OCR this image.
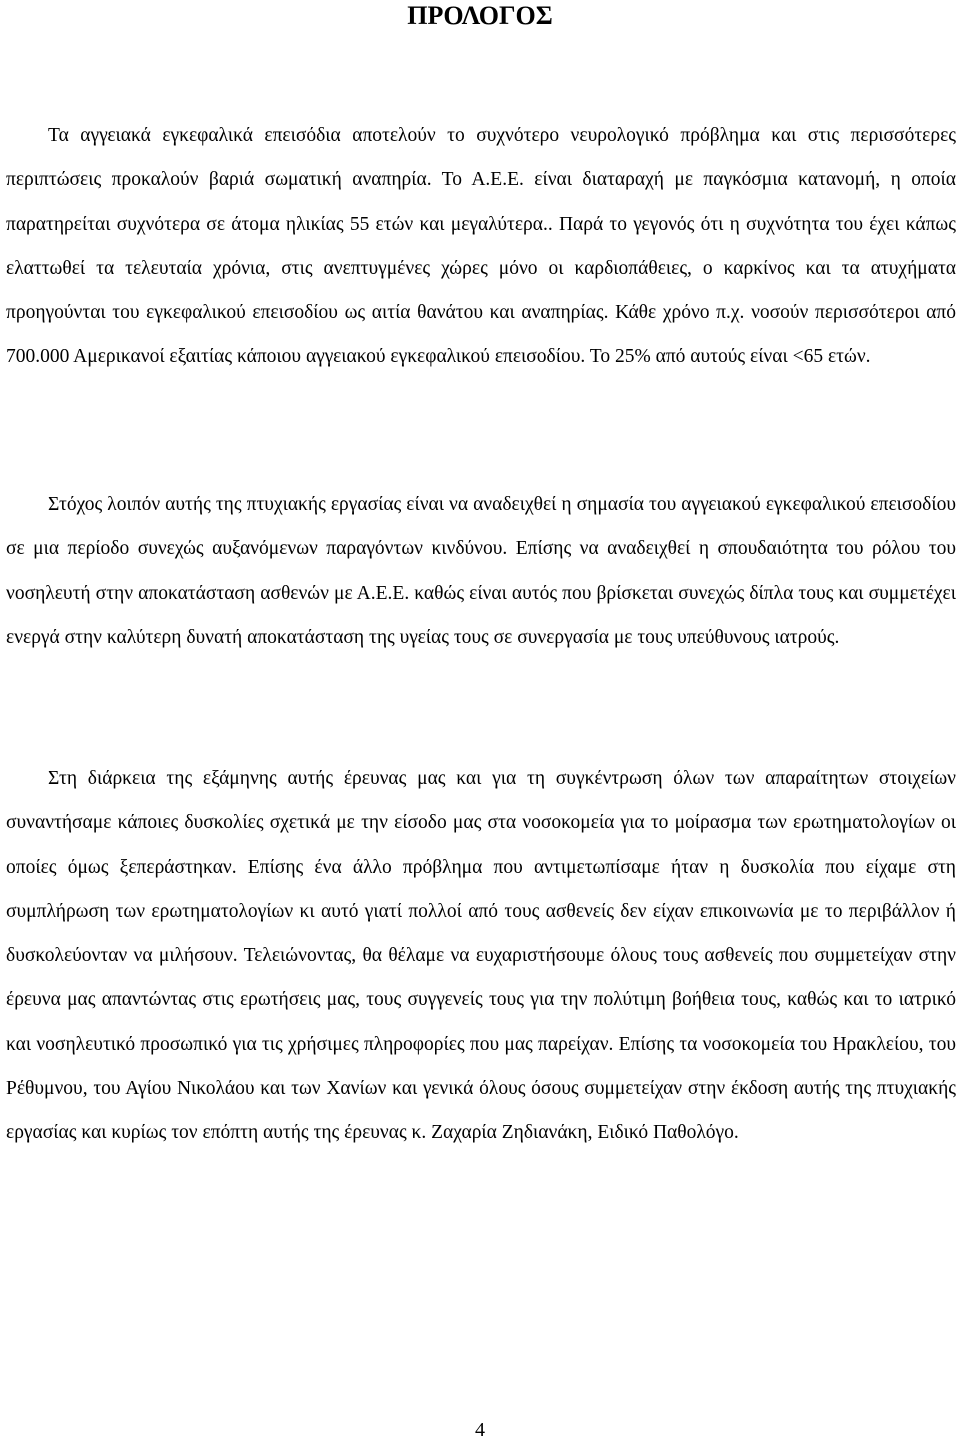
ΠΡΟΛΟΓΟΣ

Τα αγγειακά εγκεφαλικά επεισόδια αποτελούν το συχνότερο νευρολογικό πρόβλημα και στις περισσότερες περιπτώσεις προκαλούν βαριά σωματική αναπηρία. Το Α.Ε.Ε. είναι διαταραχή με παγκόσμια κατανομή, η οποία παρατηρείται συχνότερα σε άτομα ηλικίας 55 ετών και μεγαλύτερα.. Παρά το γεγονός ότι η συχνότητα του έχει κάπως ελαττωθεί τα τελευταία χρόνια, στις ανεπτυγμένες χώρες μόνο οι καρδιοπάθειες, ο καρκίνος και τα ατυχήματα προηγούνται του εγκεφαλικού επεισοδίου ως αιτία θανάτου και αναπηρίας. Κάθε χρόνο π.χ. νοσούν περισσότεροι από 700.000 Αμερικανοί εξαιτίας κάποιου αγγειακού εγκεφαλικού επεισοδίου. Το 25% από αυτούς είναι <65 ετών.

Στόχος λοιπόν αυτής της πτυχιακής εργασίας είναι να αναδειχθεί η σημασία του αγγειακού εγκεφαλικού επεισοδίου σε μια περίοδο συνεχώς αυξανόμενων παραγόντων κινδύνου. Επίσης να αναδειχθεί η σπουδαιότητα του ρόλου του νοσηλευτή στην αποκατάσταση ασθενών με Α.Ε.Ε. καθώς είναι αυτός που βρίσκεται συνεχώς δίπλα τους και συμμετέχει ενεργά στην καλύτερη δυνατή αποκατάσταση της υγείας τους σε συνεργασία με τους υπεύθυνους ιατρούς.

Στη διάρκεια της εξάμηνης αυτής έρευνας μας και για τη συγκέντρωση όλων των απαραίτητων στοιχείων συναντήσαμε κάποιες δυσκολίες σχετικά με την είσοδο μας στα νοσοκομεία για το μοίρασμα των ερωτηματολογίων οι οποίες όμως ξεπεράστηκαν. Επίσης ένα άλλο πρόβλημα που αντιμετωπίσαμε ήταν η δυσκολία που είχαμε στη συμπλήρωση των ερωτηματολογίων κι αυτό γιατί πολλοί από τους ασθενείς δεν είχαν επικοινωνία με το περιβάλλον ή δυσκολεύονταν να μιλήσουν. Τελειώνοντας, θα θέλαμε να ευχαριστήσουμε όλους τους ασθενείς που συμμετείχαν στην έρευνα μας απαντώντας στις ερωτήσεις μας, τους συγγενείς τους για την πολύτιμη βοήθεια τους, καθώς και το ιατρικό και νοσηλευτικό προσωπικό για τις χρήσιμες πληροφορίες που μας παρείχαν. Επίσης τα νοσοκομεία του Ηρακλείου, του Ρέθυμνου, του Αγίου Νικολάου και των Χανίων και γενικά όλους όσους συμμετείχαν στην έκδοση αυτής της πτυχιακής εργασίας και κυρίως τον επόπτη αυτής της έρευνας κ. Ζαχαρία Ζηδιανάκη, Ειδικό Παθολόγο.

4
